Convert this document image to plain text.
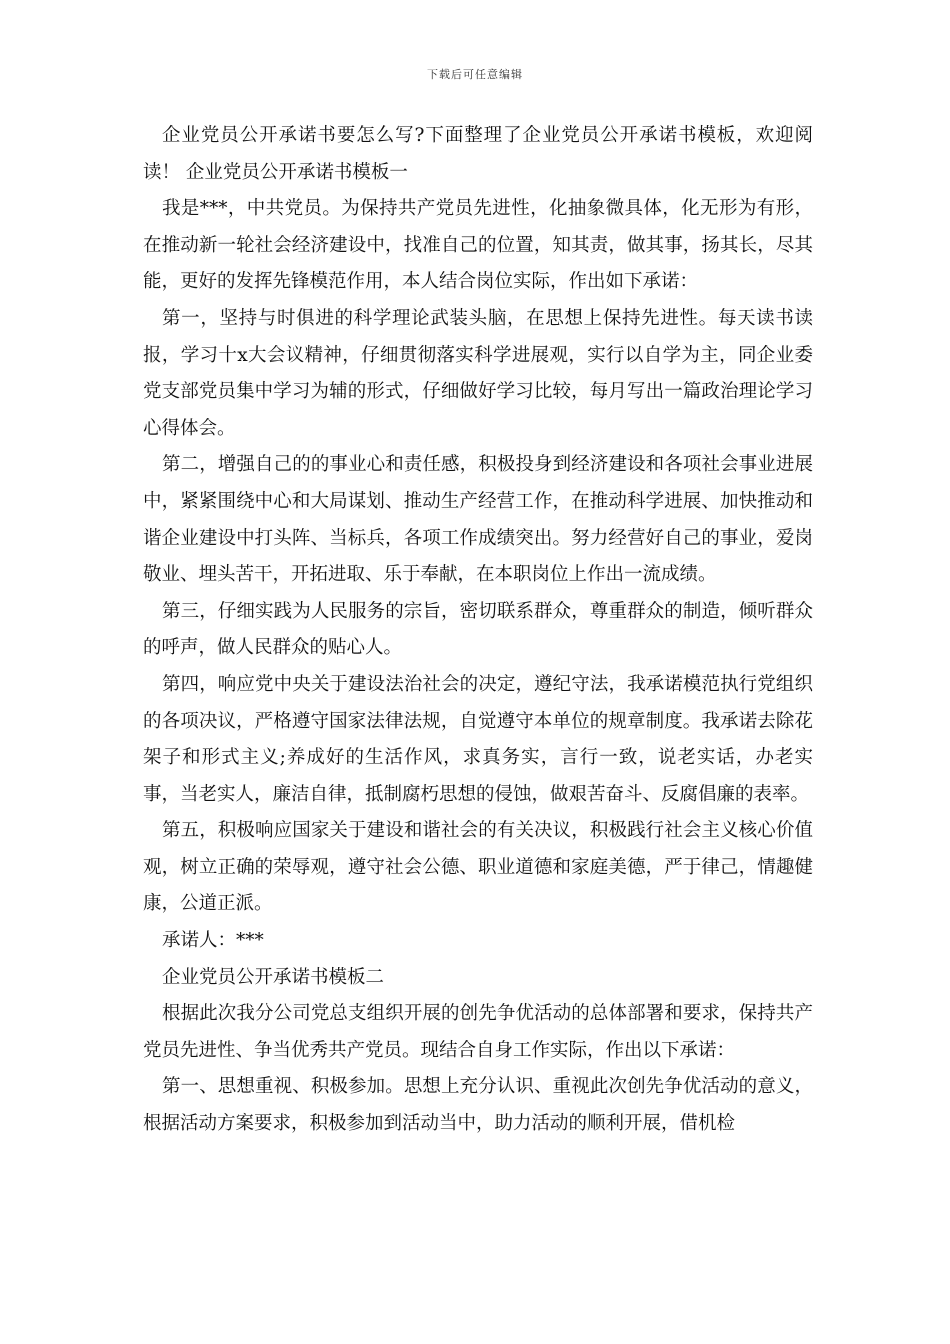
下载后可任意编辑

企业党员公开承诺书要怎么写?下面整理了企业党员公开承诺书模板，欢迎阅读！ 企业党员公开承诺书模板一

我是***，中共党员。为保持共产党员先进性，化抽象微具体，化无形为有形，在推动新一轮社会经济建设中，找准自己的位置，知其责，做其事，扬其长，尽其能，更好的发挥先锋模范作用，本人结合岗位实际，作出如下承诺：

第一，坚持与时俱进的科学理论武装头脑，在思想上保持先进性。每天读书读报，学习十x大会议精神，仔细贯彻落实科学进展观，实行以自学为主，同企业委党支部党员集中学习为辅的形式，仔细做好学习比较，每月写出一篇政治理论学习心得体会。

第二，增强自己的的事业心和责任感，积极投身到经济建设和各项社会事业进展中，紧紧围绕中心和大局谋划、推动生产经营工作，在推动科学进展、加快推动和谐企业建设中打头阵、当标兵，各项工作成绩突出。努力经营好自己的事业，爱岗敬业、埋头苦干，开拓进取、乐于奉献，在本职岗位上作出一流成绩。

第三，仔细实践为人民服务的宗旨，密切联系群众，尊重群众的制造，倾听群众的呼声，做人民群众的贴心人。

第四，响应党中央关于建设法治社会的决定，遵纪守法，我承诺模范执行党组织的各项决议，严格遵守国家法律法规，自觉遵守本单位的规章制度。我承诺去除花架子和形式主义;养成好的生活作风，求真务实，言行一致，说老实话，办老实事，当老实人，廉洁自律，抵制腐朽思想的侵蚀，做艰苦奋斗、反腐倡廉的表率。

第五，积极响应国家关于建设和谐社会的有关决议，积极践行社会主义核心价值观，树立正确的荣辱观，遵守社会公德、职业道德和家庭美德，严于律己，情趣健康，公道正派。

承诺人：***

企业党员公开承诺书模板二

根据此次我分公司党总支组织开展的创先争优活动的总体部署和要求，保持共产党员先进性、争当优秀共产党员。现结合自身工作实际，作出以下承诺：

第一、思想重视、积极参加。思想上充分认识、重视此次创先争优活动的意义，根据活动方案要求，积极参加到活动当中，助力活动的顺利开展，借机检
